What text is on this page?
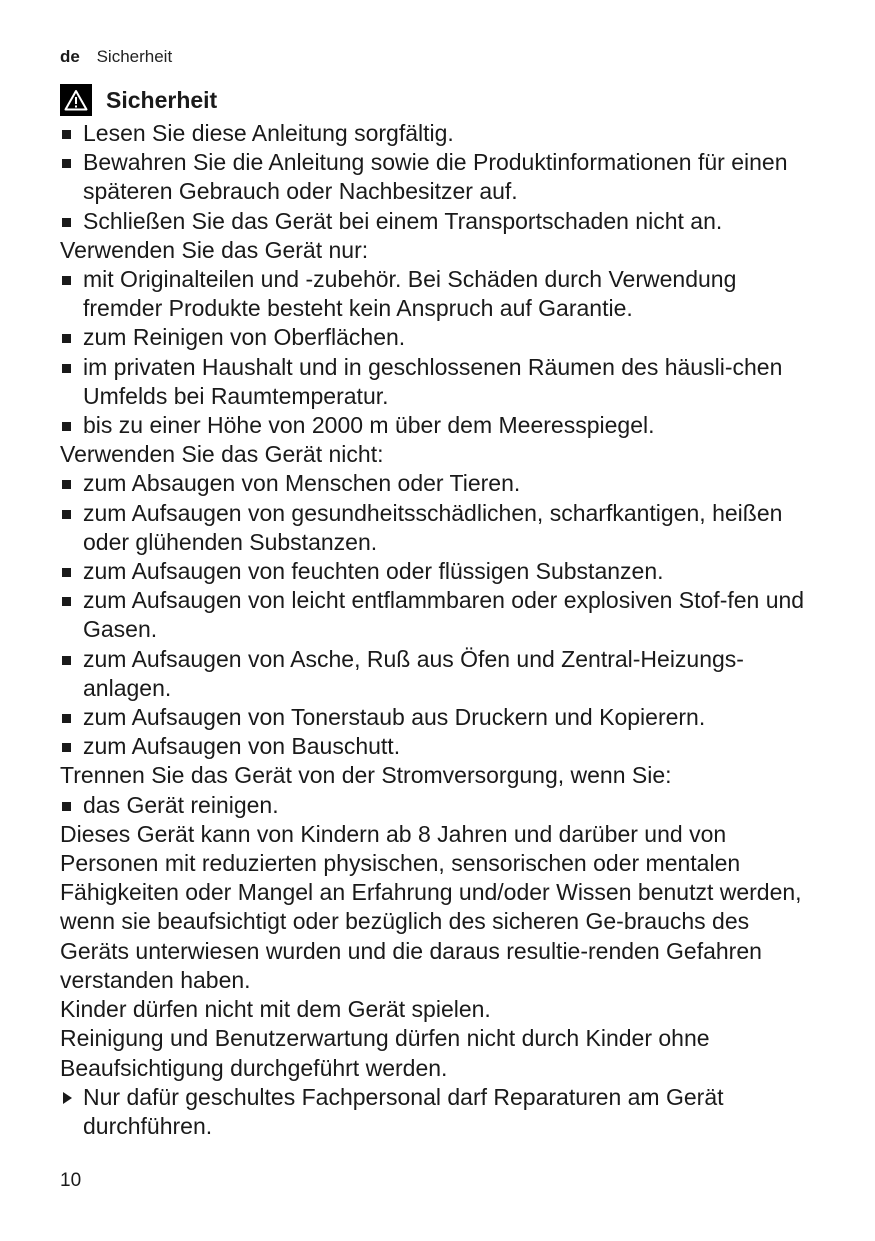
de Sicherheit
Sicherheit
Lesen Sie diese Anleitung sorgfältig.
Bewahren Sie die Anleitung sowie die Produktinformationen für einen späteren Gebrauch oder Nachbesitzer auf.
Schließen Sie das Gerät bei einem Transportschaden nicht an.

Verwenden Sie das Gerät nur:

mit Originalteilen und -zubehör. Bei Schäden durch Verwendung fremder Produkte besteht kein Anspruch auf Garantie.
zum Reinigen von Oberflächen.
im privaten Haushalt und in geschlossenen Räumen des häusli-chen Umfelds bei Raumtemperatur.
bis zu einer Höhe von 2000 m über dem Meeresspiegel.

Verwenden Sie das Gerät nicht:

zum Absaugen von Menschen oder Tieren.
zum Aufsaugen von gesundheitsschädlichen, scharfkantigen, heißen oder glühenden Substanzen.
zum Aufsaugen von feuchten oder flüssigen Substanzen.
zum Aufsaugen von leicht entflammbaren oder explosiven Stof-fen und Gasen.
zum Aufsaugen von Asche, Ruß aus Öfen und Zentral-Heizungs-anlagen.
zum Aufsaugen von Tonerstaub aus Druckern und Kopierern.
zum Aufsaugen von Bauschutt.

Trennen Sie das Gerät von der Stromversorgung, wenn Sie:

das Gerät reinigen.

Dieses Gerät kann von Kindern ab 8 Jahren und darüber und von Personen mit reduzierten physischen, sensorischen oder mentalen Fähigkeiten oder Mangel an Erfahrung und/oder Wissen benutzt werden, wenn sie beaufsichtigt oder bezüglich des sicheren Ge-brauchs des Geräts unterwiesen wurden und die daraus resultie-renden Gefahren verstanden haben.

Kinder dürfen nicht mit dem Gerät spielen.

Reinigung und Benutzerwartung dürfen nicht durch Kinder ohne Beaufsichtigung durchgeführt werden.

Nur dafür geschultes Fachpersonal darf Reparaturen am Gerät durchführen.
10
